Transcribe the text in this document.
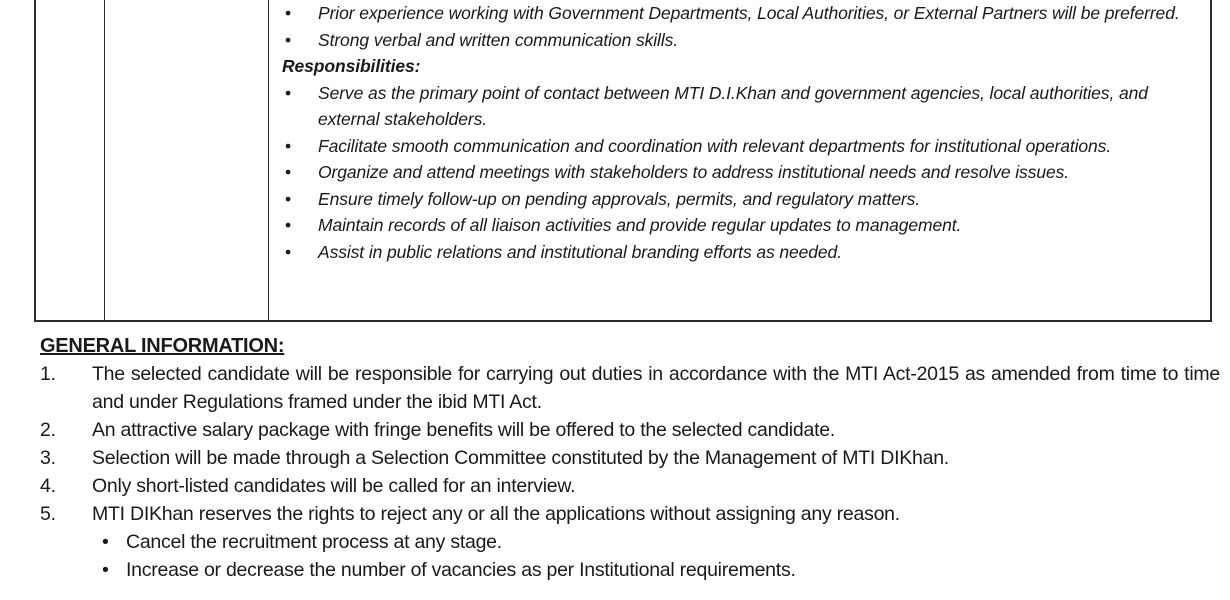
• Prior experience working with Government Departments, Local Authorities, or External Partners will be preferred.
• Strong verbal and written communication skills.
Responsibilities:
• Serve as the primary point of contact between MTI D.I.Khan and government agencies, local authorities, and external stakeholders.
• Facilitate smooth communication and coordination with relevant departments for institutional operations.
• Organize and attend meetings with stakeholders to address institutional needs and resolve issues.
• Ensure timely follow-up on pending approvals, permits, and regulatory matters.
• Maintain records of all liaison activities and provide regular updates to management.
• Assist in public relations and institutional branding efforts as needed.
GENERAL INFORMATION:
1. The selected candidate will be responsible for carrying out duties in accordance with the MTI Act-2015 as amended from time to time and under Regulations framed under the ibid MTI Act.
2. An attractive salary package with fringe benefits will be offered to the selected candidate.
3. Selection will be made through a Selection Committee constituted by the Management of MTI DIKhan.
4. Only short-listed candidates will be called for an interview.
5. MTI DIKhan reserves the rights to reject any or all the applications without assigning any reason.
• Cancel the recruitment process at any stage.
• Increase or decrease the number of vacancies as per Institutional requirements.
